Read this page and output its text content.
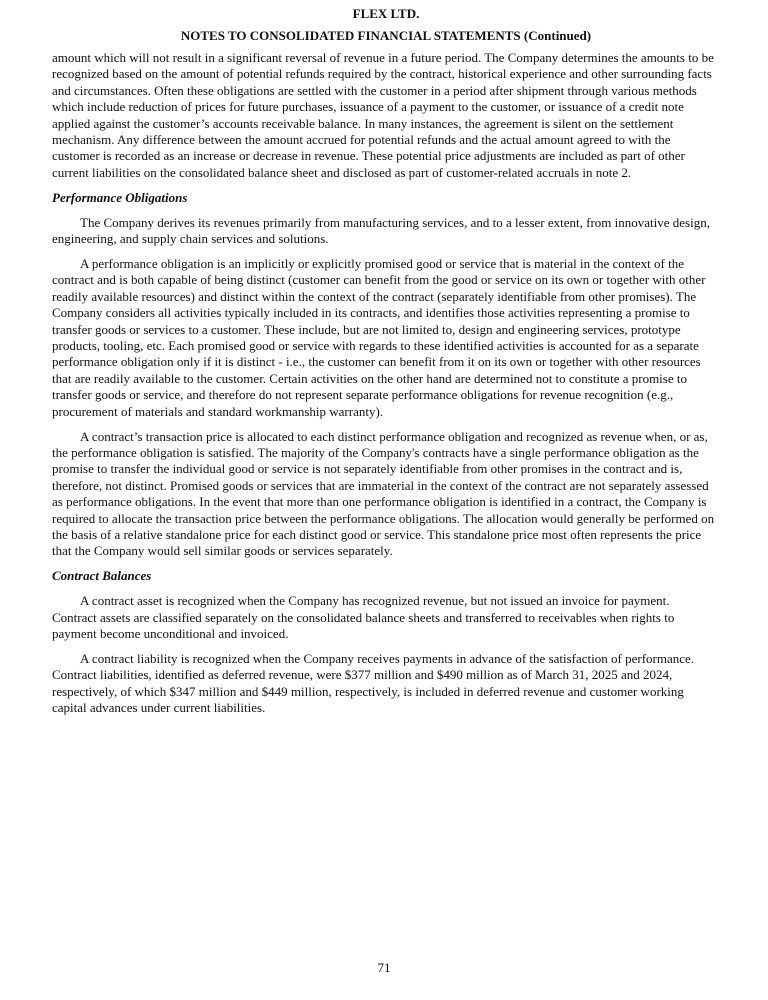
FLEX LTD.
NOTES TO CONSOLIDATED FINANCIAL STATEMENTS (Continued)
amount which will not result in a significant reversal of revenue in a future period. The Company determines the amounts to be
recognized based on the amount of potential refunds required by the contract, historical experience and other surrounding facts
and circumstances. Often these obligations are settled with the customer in a period after shipment through various methods
which include reduction of prices for future purchases, issuance of a payment to the customer, or issuance of a credit note
applied against the customer’s accounts receivable balance. In many instances, the agreement is silent on the settlement
mechanism. Any difference between the amount accrued for potential refunds and the actual amount agreed to with the
customer is recorded as an increase or decrease in revenue. These potential price adjustments are included as part of other
current liabilities on the consolidated balance sheet and disclosed as part of customer-related accruals in note 2.
Performance Obligations
The Company derives its revenues primarily from manufacturing services, and to a lesser extent, from innovative design,
engineering, and supply chain services and solutions.
A performance obligation is an implicitly or explicitly promised good or service that is material in the context of the
contract and is both capable of being distinct (customer can benefit from the good or service on its own or together with other
readily available resources) and distinct within the context of the contract (separately identifiable from other promises). The
Company considers all activities typically included in its contracts, and identifies those activities representing a promise to
transfer goods or services to a customer. These include, but are not limited to, design and engineering services, prototype
products, tooling, etc. Each promised good or service with regards to these identified activities is accounted for as a separate
performance obligation only if it is distinct - i.e., the customer can benefit from it on its own or together with other resources
that are readily available to the customer. Certain activities on the other hand are determined not to constitute a promise to
transfer goods or service, and therefore do not represent separate performance obligations for revenue recognition (e.g.,
procurement of materials and standard workmanship warranty).
A contract’s transaction price is allocated to each distinct performance obligation and recognized as revenue when, or as,
the performance obligation is satisfied. The majority of the Company's contracts have a single performance obligation as the
promise to transfer the individual good or service is not separately identifiable from other promises in the contract and is,
therefore, not distinct. Promised goods or services that are immaterial in the context of the contract are not separately assessed
as performance obligations. In the event that more than one performance obligation is identified in a contract, the Company is
required to allocate the transaction price between the performance obligations. The allocation would generally be performed on
the basis of a relative standalone price for each distinct good or service. This standalone price most often represents the price
that the Company would sell similar goods or services separately.
Contract Balances
A contract asset is recognized when the Company has recognized revenue, but not issued an invoice for payment.
Contract assets are classified separately on the consolidated balance sheets and transferred to receivables when rights to
payment become unconditional and invoiced.
A contract liability is recognized when the Company receives payments in advance of the satisfaction of performance.
Contract liabilities, identified as deferred revenue, were $377 million and $490 million as of March 31, 2025 and 2024,
respectively, of which $347 million and $449 million, respectively, is included in deferred revenue and customer working
capital advances under current liabilities.
71
